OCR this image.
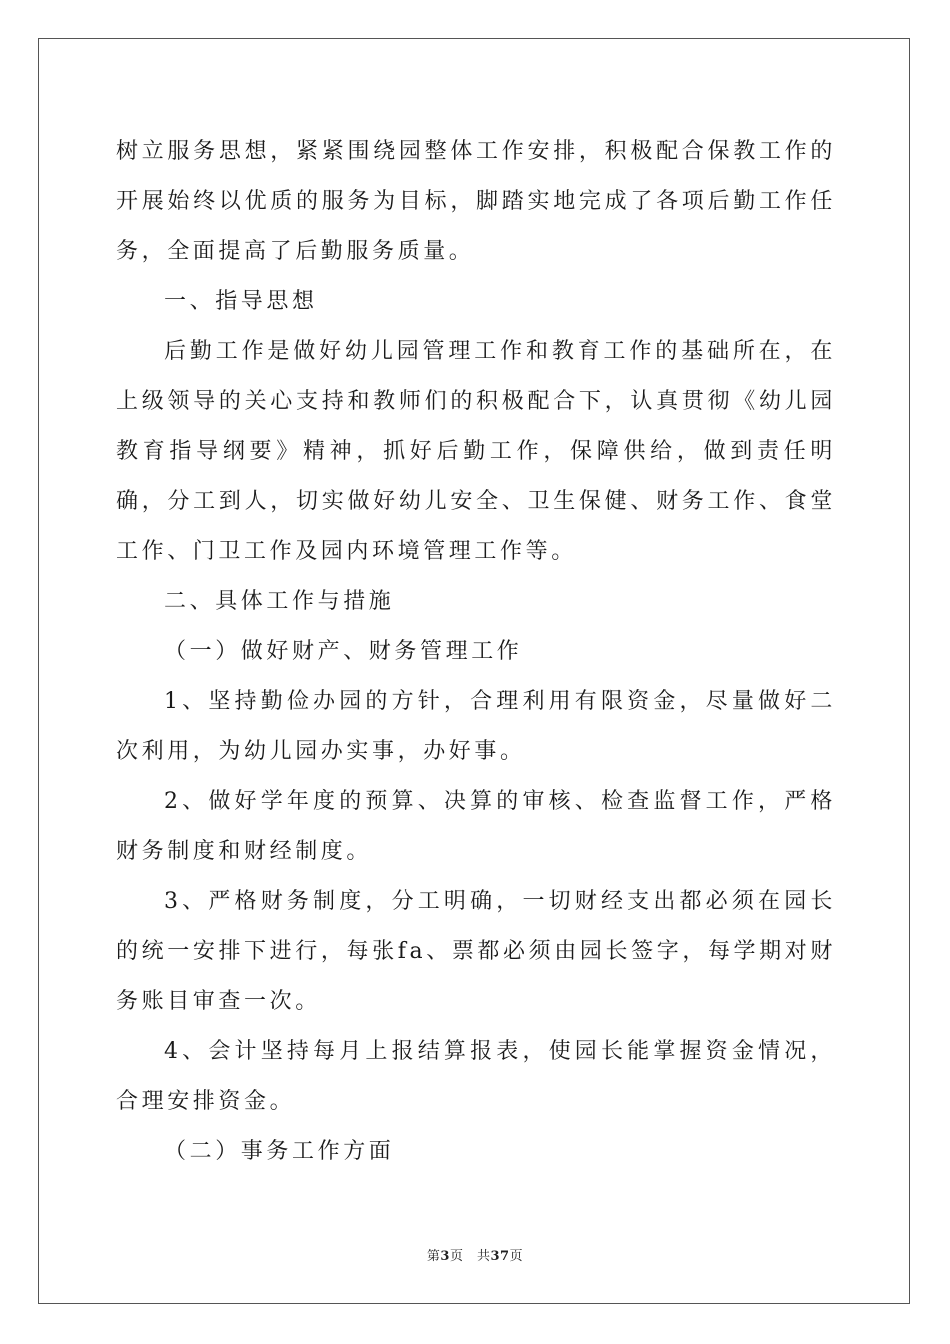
树立服务思想，紧紧围绕园整体工作安排，积极配合保教工作的开展始终以优质的服务为目标，脚踏实地完成了各项后勤工作任务，全面提高了后勤服务质量。

一、指导思想

后勤工作是做好幼儿园管理工作和教育工作的基础所在，在上级领导的关心支持和教师们的积极配合下，认真贯彻《幼儿园教育指导纲要》精神，抓好后勤工作，保障供给，做到责任明确，分工到人，切实做好幼儿安全、卫生保健、财务工作、食堂工作、门卫工作及园内环境管理工作等。

二、具体工作与措施

（一）做好财产、财务管理工作

1、坚持勤俭办园的方针，合理利用有限资金，尽量做好二次利用，为幼儿园办实事，办好事。

2、做好学年度的预算、决算的审核、检查监督工作，严格财务制度和财经制度。

3、严格财务制度，分工明确，一切财经支出都必须在园长的统一安排下进行，每张fa、票都必须由园长签字，每学期对财务账目审查一次。

4、会计坚持每月上报结算报表，使园长能掌握资金情况，合理安排资金。

（二）事务工作方面

第3页　共37页
